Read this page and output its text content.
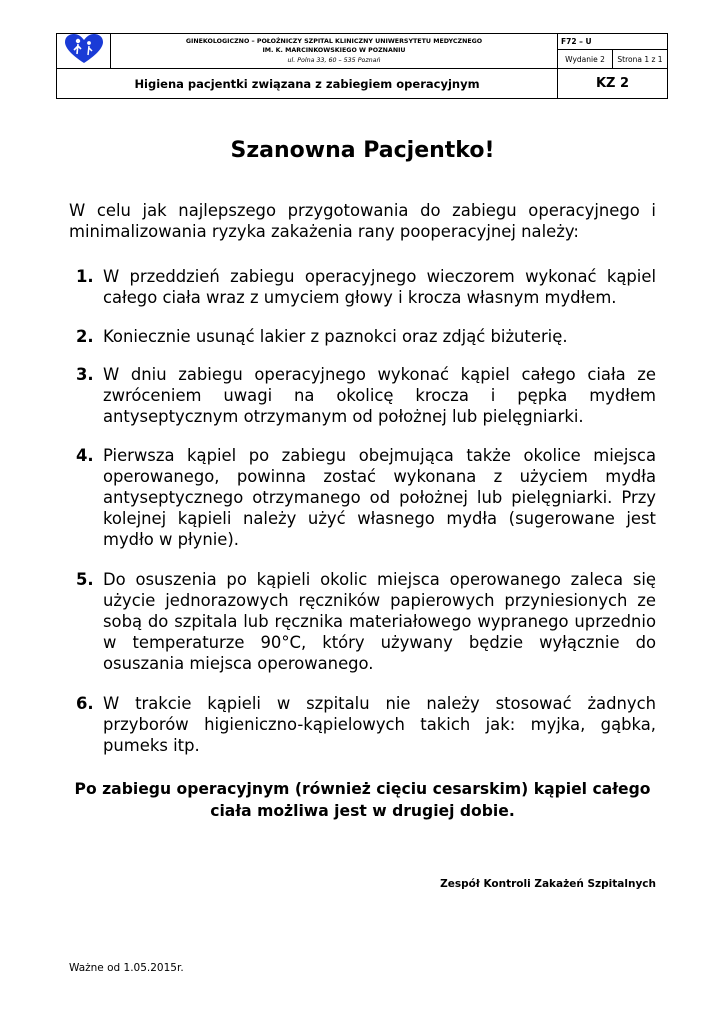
GINEKOLOGICZNO – POŁOŻNICZY SZPITAL KLINICZNY UNIWERSYTETU MEDYCZNEGO
IM. K. MARCINKOWSKIEGO W POZNANIU
ul. Polna 33, 60 – 535 Poznań	F72 – U	
		Wydanie 2	Strona 1 z 1
Higiena pacjentki związana z zabiegiem operacyjnym		KZ 2	
Szanowna Pacjentko!

W celu jak najlepszego przygotowania do zabiegu operacyjnego i minimalizowania ryzyka zakażenia rany pooperacyjnej należy:

1. W przeddzień zabiegu operacyjnego wieczorem wykonać kąpiel całego ciała wraz z umyciem głowy i krocza własnym mydłem.
2. Koniecznie usunąć lakier z paznokci oraz zdjąć biżuterię.
3. W dniu zabiegu operacyjnego wykonać kąpiel całego ciała ze zwróceniem uwagi na okolicę krocza i pępka mydłem antyseptycznym otrzymanym od położnej lub pielęgniarki.
4. Pierwsza kąpiel po zabiegu obejmująca także okolice miejsca operowanego, powinna zostać wykonana z użyciem mydła antyseptycznego otrzymanego od położnej lub pielęgniarki. Przy kolejnej kąpieli należy użyć własnego mydła (sugerowane jest mydło w płynie).
5. Do osuszenia po kąpieli okolic miejsca operowanego zaleca się użycie jednorazowych ręczników papierowych przyniesionych ze sobą do szpitala lub ręcznika materiałowego wypranego uprzednio w temperaturze 90°C, który używany będzie wyłącznie do osuszania miejsca operowanego.
6. W trakcie kąpieli w szpitalu nie należy stosować żadnych przyborów higieniczno-kąpielowych takich jak: myjka, gąbka, pumeks itp.

Po zabiegu operacyjnym (również cięciu cesarskim) kąpiel całego ciała możliwa jest w drugiej dobie.

Zespół Kontroli Zakażeń Szpitalnych
Ważne od 1.05.2015r.
